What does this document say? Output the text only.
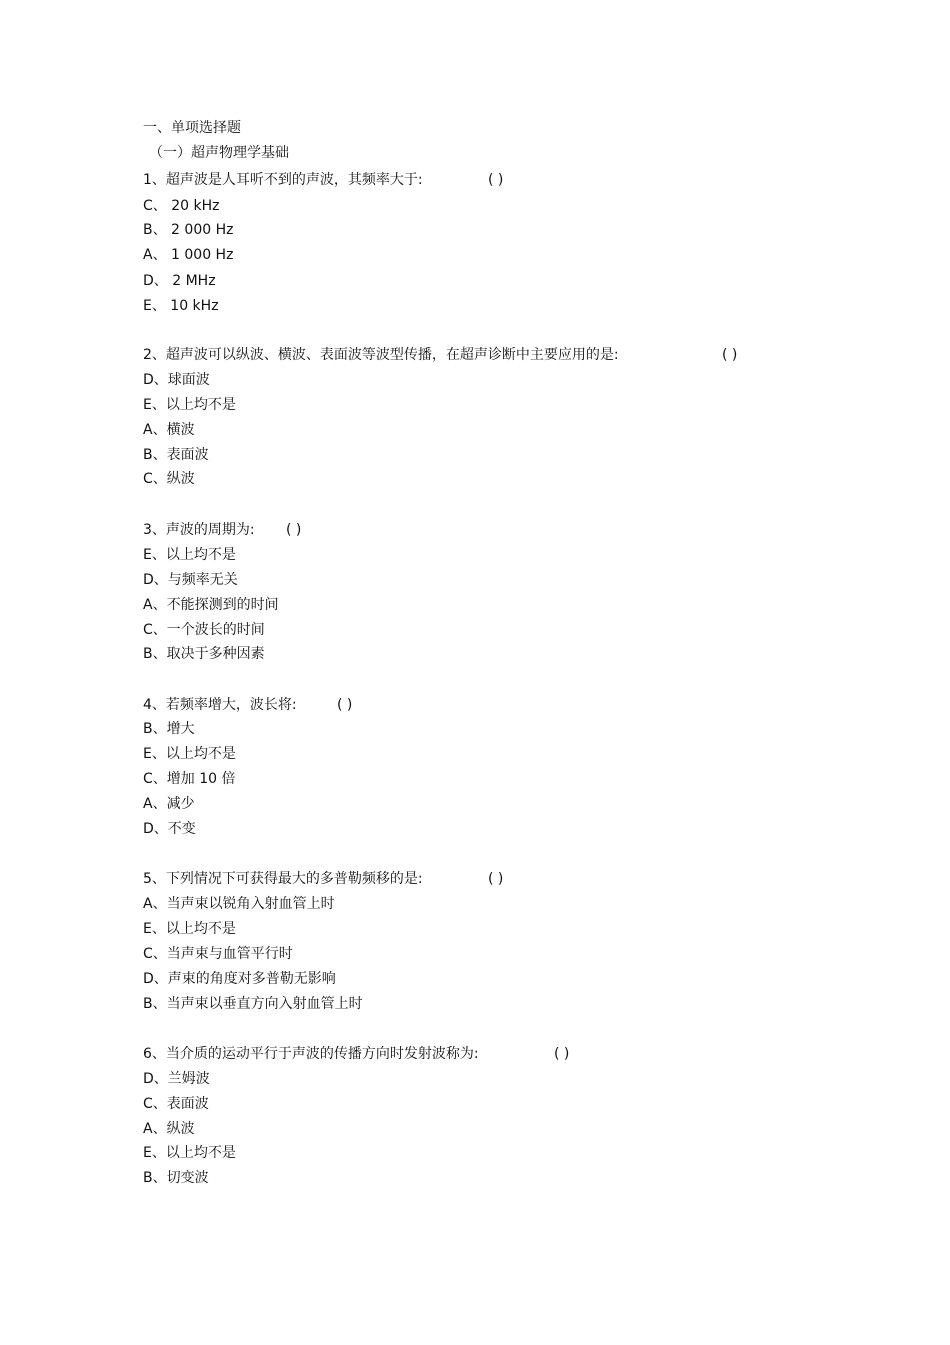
一、单项选择题
（一）超声物理学基础
1、超声波是人耳听不到的声波，其频率大于:	( )
C、 20 kHz
B、 2 000 Hz
A、 1 000 Hz
D、 2 MHz
E、 10 kHz
2、超声波可以纵波、横波、表面波等波型传播，在超声诊断中主要应用的是:	( )
D、球面波
E、以上均不是
A、横波
B、表面波
C、纵波
3、声波的周期为: ( )
E、以上均不是
D、与频率无关
A、不能探测到的时间
C、一个波长的时间
B、取决于多种因素
4、若频率增大，波长将:	( )
B、增大
E、以上均不是
C、增加 10 倍
A、减少
D、不变
5、下列情况下可获得最大的多普勒频移的是:	( )
A、当声束以锐角入射血管上时
E、以上均不是
C、当声束与血管平行时
D、声束的角度对多普勒无影响
B、当声束以垂直方向入射血管上时
6、当介质的运动平行于声波的传播方向时发射波称为:	( )
D、兰姆波
C、表面波
A、纵波
E、以上均不是
B、切变波
